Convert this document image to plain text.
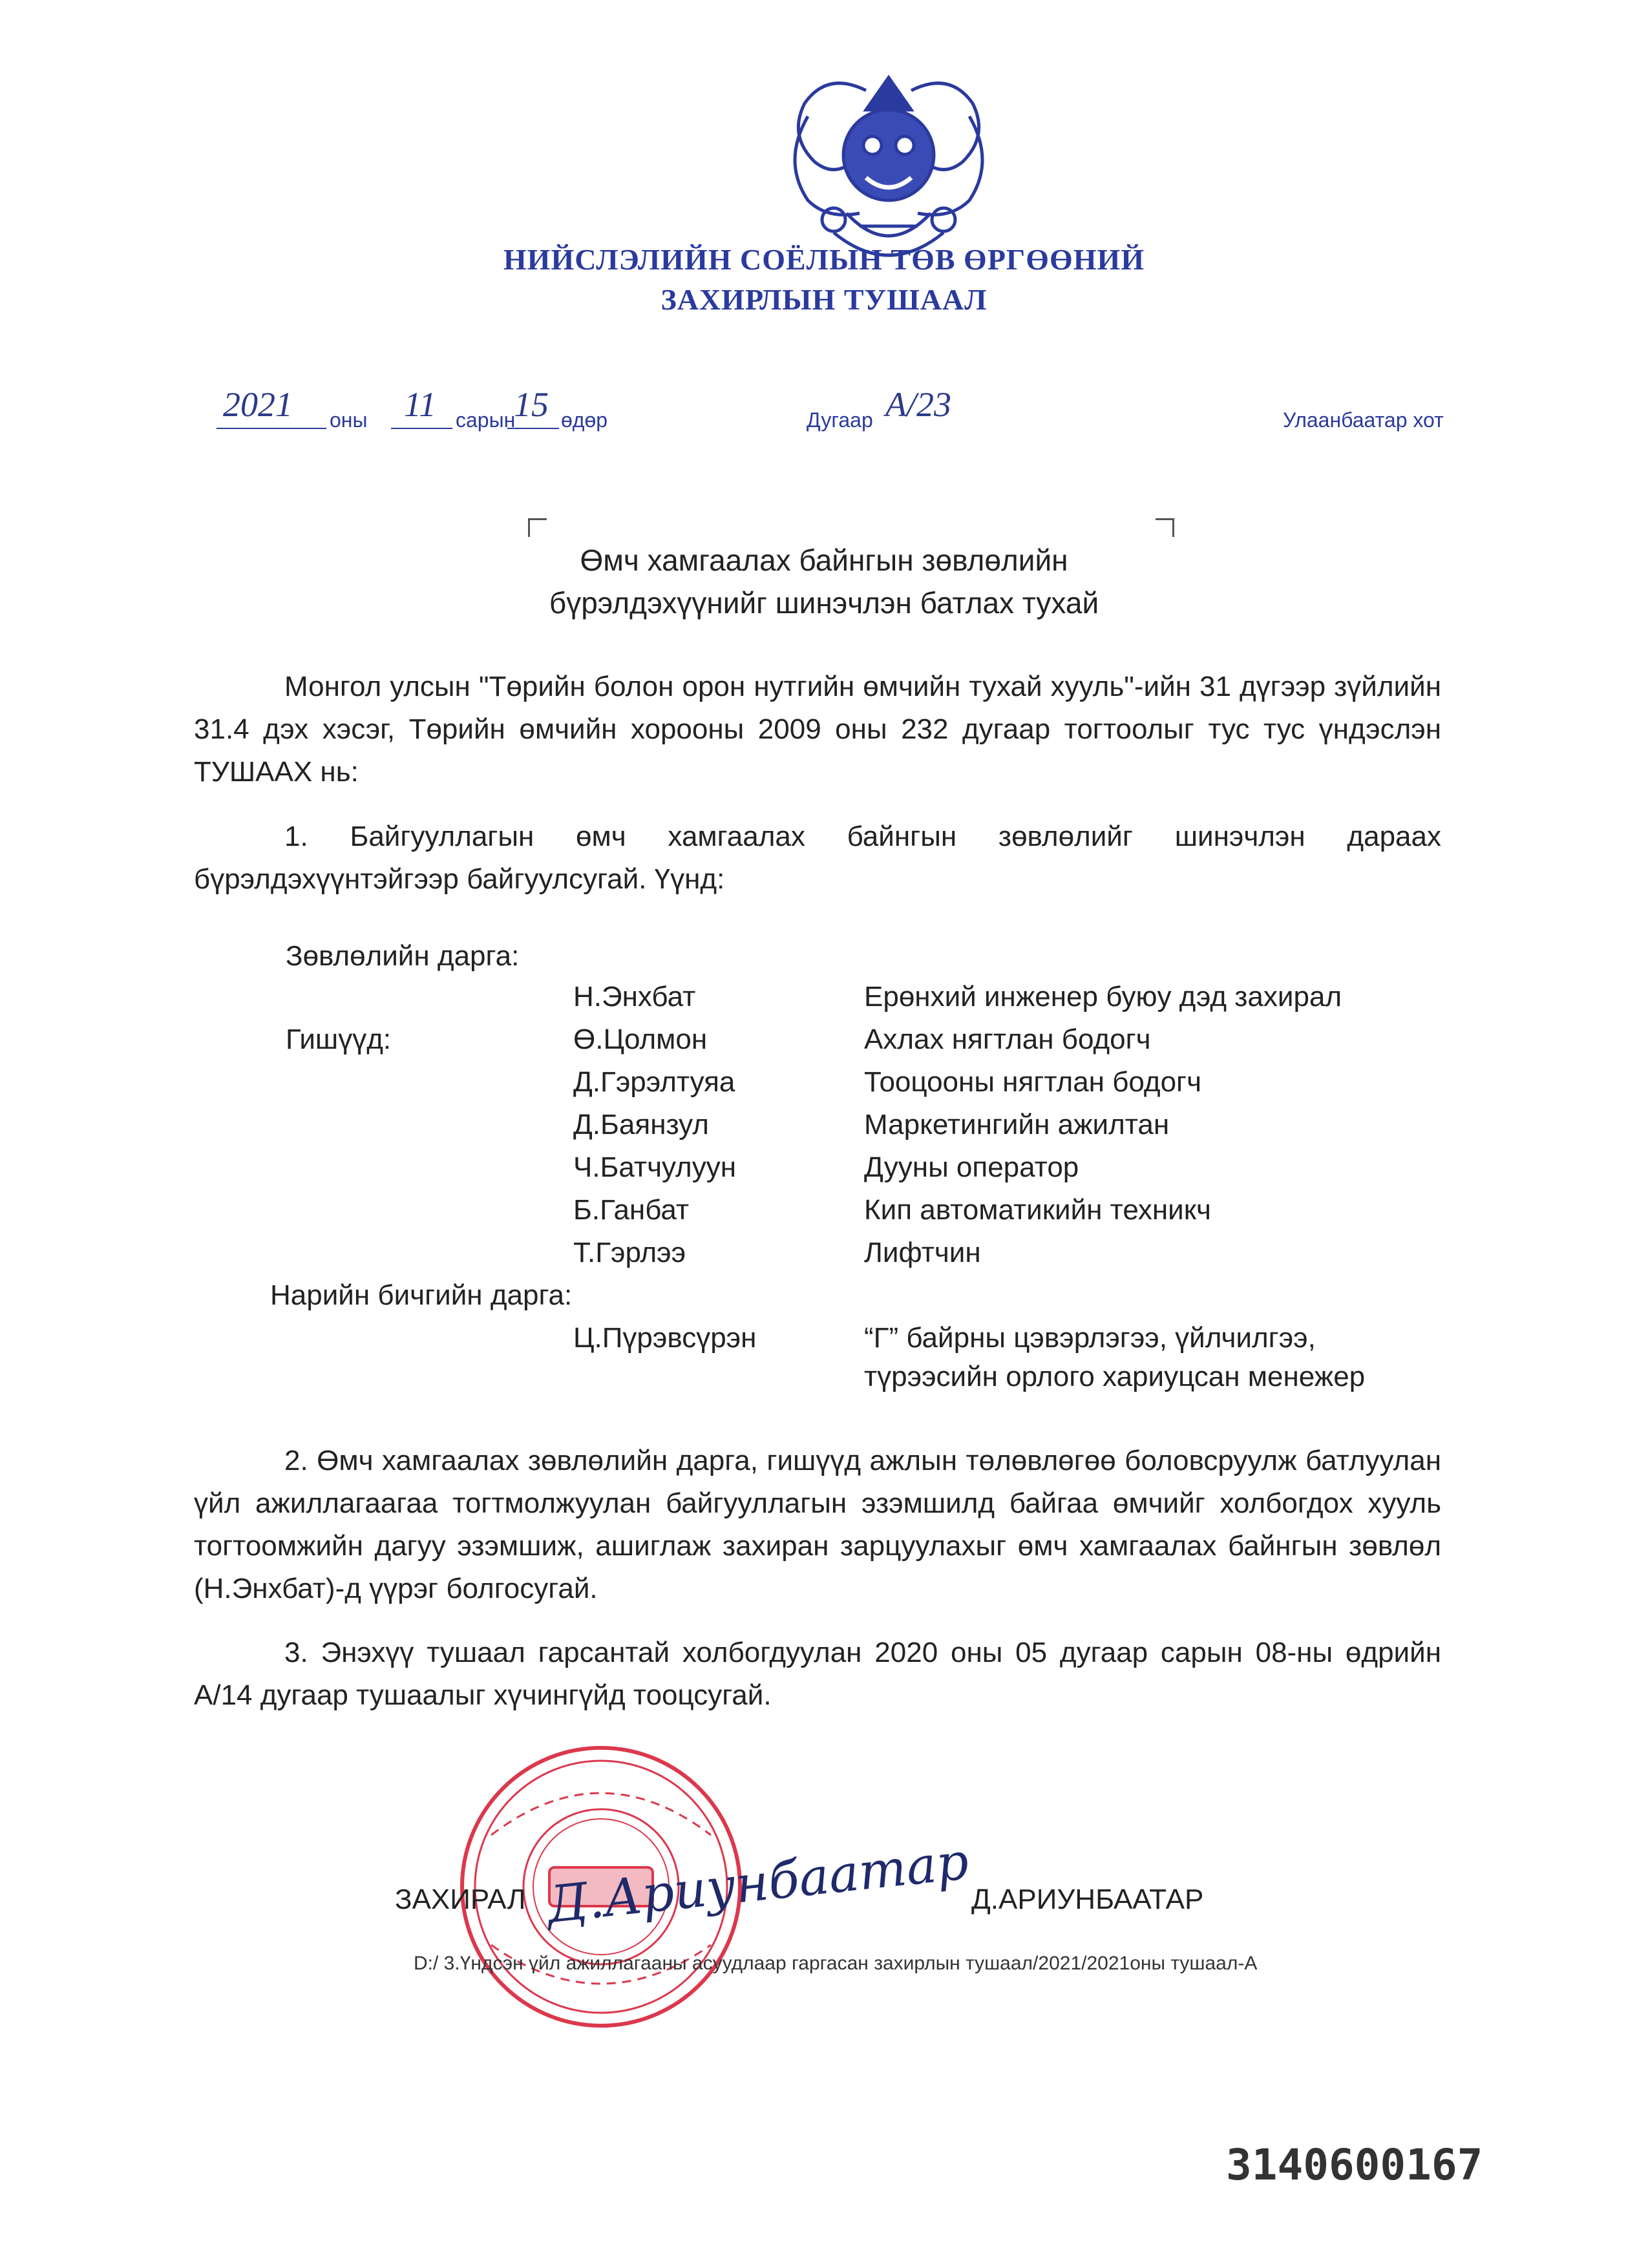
НИЙСЛЭЛИЙН СОЁЛЫН ТӨВ ӨРГӨӨНИЙ
ЗАХИРЛЫН ТУШААЛ
2021 оны 11 сарын
15 өдөр	Дугаар А/23	Улаанбаатар хот
Өмч хамгаалах байнгын зөвлөлийн
бүрэлдэхүүнийг шинэчлэн батлах тухай

Монгол улсын "Төрийн болон орон нутгийн өмчийн тухай хууль"-ийн 31 дүгээр зүйлийн 31.4 дэх хэсэг, Төрийн өмчийн хорооны 2009 оны 232 дугаар тогтоолыг тус тус үндэслэн ТУШААХ нь:

1. Байгууллагын өмч хамгаалах байнгын зөвлөлийг шинэчлэн дараах бүрэлдэхүүнтэйгээр байгуулсугай. Үүнд:

Зөвлөлийн дарга:
Н.Энхбат	Ерөнхий инженер буюу дэд захирал
Гишүүд:	Ө.Цолмон	Ахлах нягтлан бодогч
Д.Гэрэлтуяа	Тооцооны нягтлан бодогч
Д.Баянзул	Маркетингийн ажилтан
Ч.Батчулуун	Дууны оператор
Б.Ганбат	Кип автоматикийн техникч
Т.Гэрлээ	Лифтчин
Нарийн бичгийн дарга:
Ц.Пүрэвсүрэн	“Г” байрны цэвэрлэгээ, үйлчилгээ,
түрээсийн орлого хариуцсан менежер

2. Өмч хамгаалах зөвлөлийн дарга, гишүүд ажлын төлөвлөгөө боловсруулж батлуулан үйл ажиллагаагаа тогтмолжуулан байгууллагын эзэмшилд байгаа өмчийг холбогдох хууль тогтоомжийн дагуу эзэмшиж, ашиглаж захиран зарцуулахыг өмч хамгаалах байнгын зөвлөл (Н.Энхбат)-д үүрэг болгосугай.

3. Энэхүү тушаал гарсантай холбогдуулан 2020 оны 05 дугаар сарын 08-ны өдрийн А/14 дугаар тушаалыг хүчингүйд тооцсугай.

ЗАХИРАЛ Д.Ариунбаатар Д.АРИУНБААТАР
D:/ 3.Үндсэн үйл ажиллагааны асуудлаар гаргасан захирлын тушаал/2021/2021оны тушаал-А
3140600167
